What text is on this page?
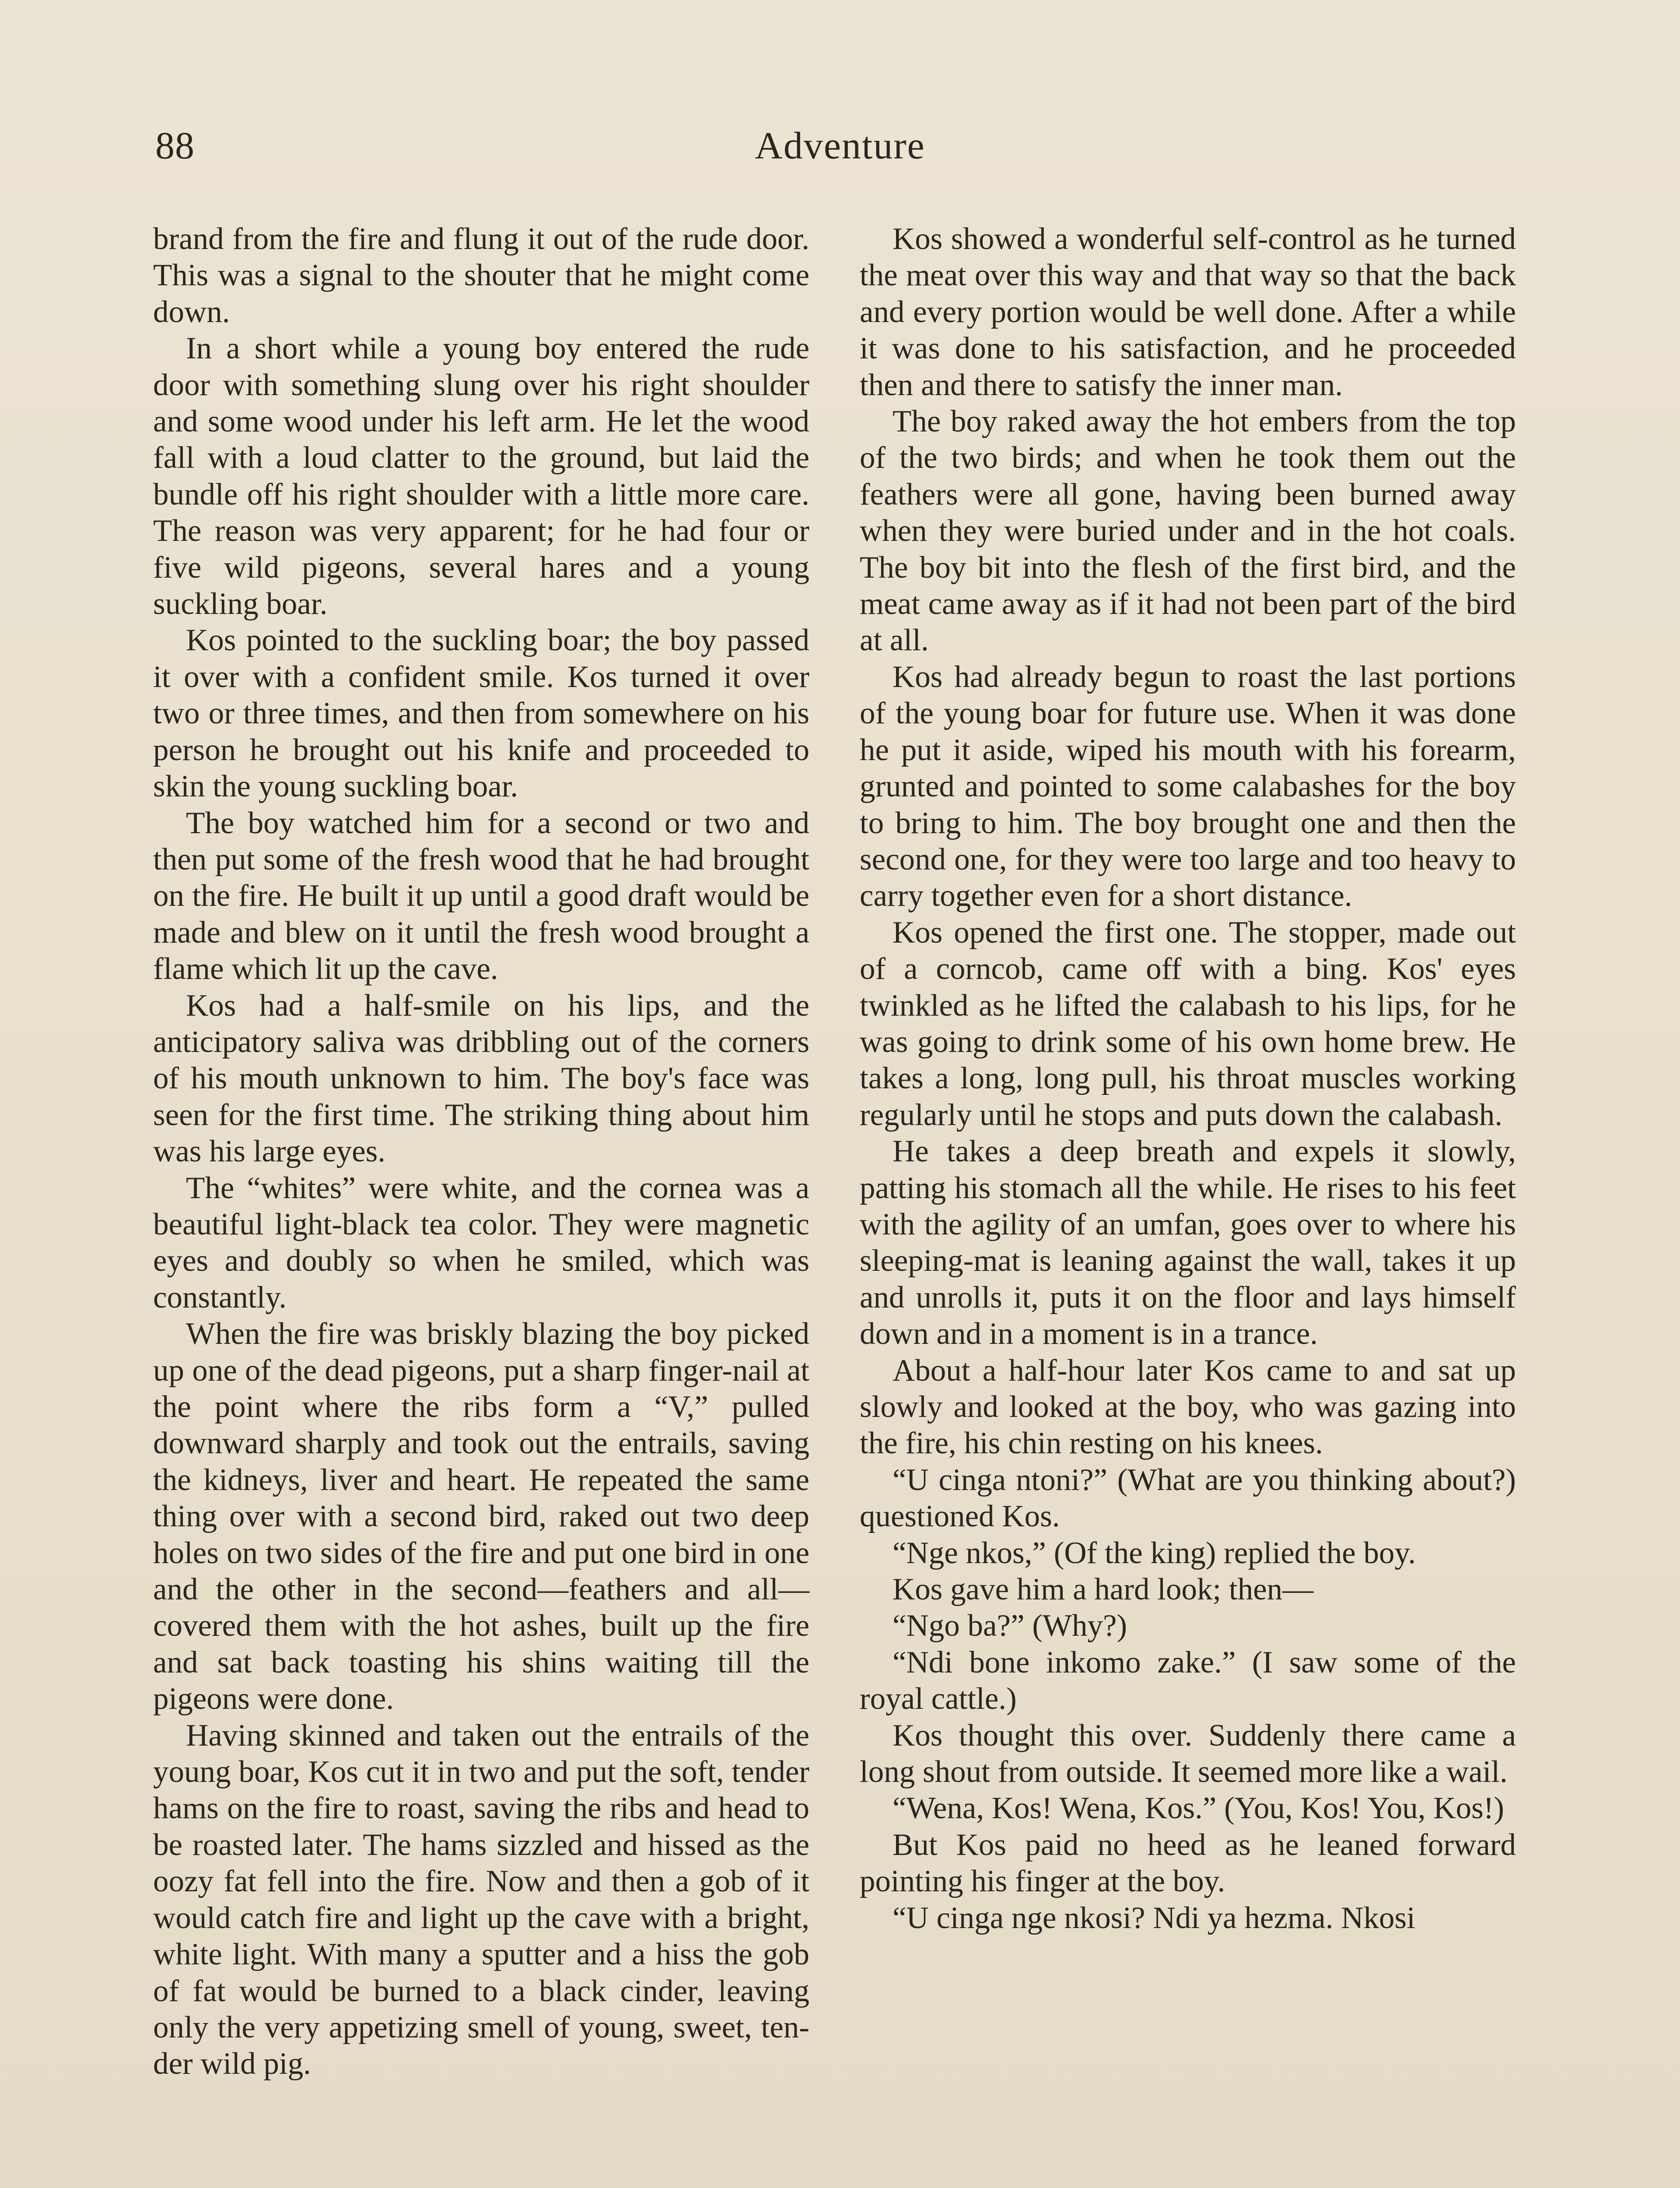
88	Adventure

brand from the fire and flung it out of the rude door. This was a signal to the shouter that he might come down.

In a short while a young boy entered the rude door with something slung over his right shoulder and some wood under his left arm. He let the wood fall with a loud clatter to the ground, but laid the bundle off his right shoulder with a little more care. The reason was very apparent; for he had four or five wild pigeons, several hares and a young suckling boar.

Kos pointed to the suckling boar; the boy passed it over with a confident smile. Kos turned it over two or three times, and then from somewhere on his person he brought out his knife and proceeded to skin the young suckling boar.

The boy watched him for a second or two and then put some of the fresh wood that he had brought on the fire. He built it up until a good draft would be made and blew on it until the fresh wood brought a flame which lit up the cave.

Kos had a half-smile on his lips, and the anticipatory saliva was dribbling out of the corners of his mouth unknown to him. The boy's face was seen for the first time. The striking thing about him was his large eyes.

The “whites” were white, and the cornea was a beautiful light-black tea color. They were magnetic eyes and doubly so when he smiled, which was constantly.

When the fire was briskly blazing the boy picked up one of the dead pigeons, put a sharp finger-nail at the point where the ribs form a “V,” pulled downward sharply and took out the entrails, saving the kidneys, liver and heart. He repeated the same thing over with a second bird, raked out two deep holes on two sides of the fire and put one bird in one and the other in the second—feathers and all—covered them with the hot ashes, built up the fire and sat back toasting his shins waiting till the pigeons were done.

Having skinned and taken out the entrails of the young boar, Kos cut it in two and put the soft, tender hams on the fire to roast, saving the ribs and head to be roasted later. The hams sizzled and hissed as the oozy fat fell into the fire. Now and then a gob of it would catch fire and light up the cave with a bright, white light. With many a sputter and a hiss the gob of fat would be burned to a black cinder, leaving only the very appetizing smell of young, sweet, tender wild pig.

Kos showed a wonderful self-control as he turned the meat over this way and that way so that the back and every portion would be well done. After a while it was done to his satisfaction, and he proceeded then and there to satisfy the inner man.

The boy raked away the hot embers from the top of the two birds; and when he took them out the feathers were all gone, having been burned away when they were buried under and in the hot coals. The boy bit into the flesh of the first bird, and the meat came away as if it had not been part of the bird at all.

Kos had already begun to roast the last portions of the young boar for future use. When it was done he put it aside, wiped his mouth with his forearm, grunted and pointed to some calabashes for the boy to bring to him. The boy brought one and then the second one, for they were too large and too heavy to carry together even for a short distance.

Kos opened the first one. The stopper, made out of a corncob, came off with a bing. Kos' eyes twinkled as he lifted the calabash to his lips, for he was going to drink some of his own home brew. He takes a long, long pull, his throat muscles working regularly until he stops and puts down the calabash.

He takes a deep breath and expels it slowly, patting his stomach all the while. He rises to his feet with the agility of an umfan, goes over to where his sleeping-mat is leaning against the wall, takes it up and unrolls it, puts it on the floor and lays himself down and in a moment is in a trance.

About a half-hour later Kos came to and sat up slowly and looked at the boy, who was gazing into the fire, his chin resting on his knees.

“U cinga ntoni?” (What are you thinking about?) questioned Kos.

“Nge nkos,” (Of the king) replied the boy.

Kos gave him a hard look; then—

“Ngo ba?” (Why?)

“Ndi bone inkomo zake.” (I saw some of the royal cattle.)

Kos thought this over. Suddenly there came a long shout from outside. It seemed more like a wail.

“Wena, Kos! Wena, Kos.” (You, Kos! You, Kos!)

But Kos paid no heed as he leaned forward pointing his finger at the boy.

“U cinga nge nkosi? Ndi ya hezma. Nkosi
